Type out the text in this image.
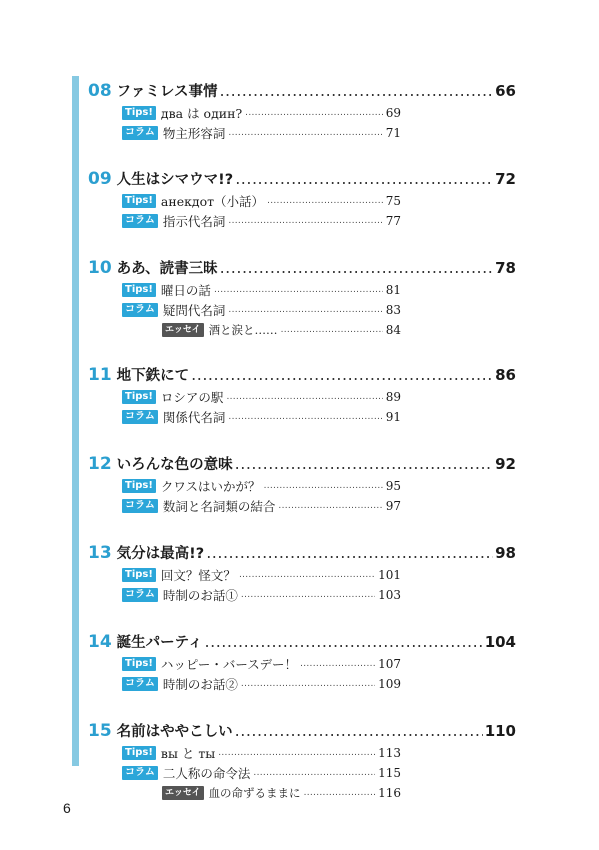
08 ファミレス事情 .....	66
Tips! два は один? .....	69
コラム 物主形容詞 .....	71
09 人生はシマウマ!? .....	72
Tips! анекдот（小話） .....	75
コラム 指示代名詞 .....	77
10 ああ、読書三昧 .....	78
Tips! 曜日の話 .....	81
コラム 疑問代名詞 .....	83
エッセイ 酒と涙と…… .....	84
11 地下鉄にて .....	86
Tips! ロシアの駅 .....	89
コラム 関係代名詞 .....	91
12 いろんな色の意味 .....	92
Tips! クワスはいかが？ .....	95
コラム 数詞と名詞類の結合 .....	97
13 気分は最高!? .....	98
Tips! 回文？怪文？ .....	101
コラム 時制のお話① .....	103
14 誕生パーティ .....	104
Tips! ハッピー・バースデー！ .....	107
コラム 時制のお話② .....	109
15 名前はややこしい .....	110
Tips! вы と ты .....	113
コラム 二人称の命令法 .....	115
エッセイ 血の命ずるままに .....	116
6
